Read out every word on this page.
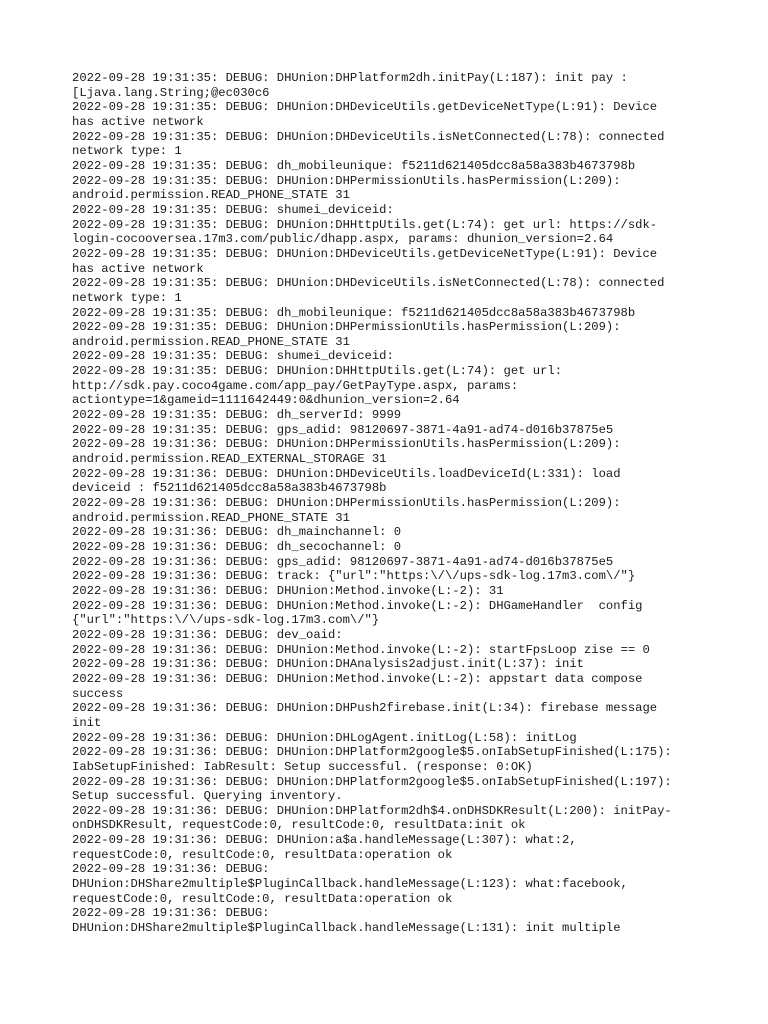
2022-09-28 19:31:35: DEBUG: DHUnion:DHPlatform2dh.initPay(L:187): init pay :
[Ljava.lang.String;@ec030c6
2022-09-28 19:31:35: DEBUG: DHUnion:DHDeviceUtils.getDeviceNetType(L:91): Device
has active network
2022-09-28 19:31:35: DEBUG: DHUnion:DHDeviceUtils.isNetConnected(L:78): connected
network type: 1
2022-09-28 19:31:35: DEBUG: dh_mobileunique: f5211d621405dcc8a58a383b4673798b
2022-09-28 19:31:35: DEBUG: DHUnion:DHPermissionUtils.hasPermission(L:209):
android.permission.READ_PHONE_STATE 31
2022-09-28 19:31:35: DEBUG: shumei_deviceid:
2022-09-28 19:31:35: DEBUG: DHUnion:DHHttpUtils.get(L:74): get url: https://sdk-
login-cocooversea.17m3.com/public/dhapp.aspx, params: dhunion_version=2.64
2022-09-28 19:31:35: DEBUG: DHUnion:DHDeviceUtils.getDeviceNetType(L:91): Device
has active network
2022-09-28 19:31:35: DEBUG: DHUnion:DHDeviceUtils.isNetConnected(L:78): connected
network type: 1
2022-09-28 19:31:35: DEBUG: dh_mobileunique: f5211d621405dcc8a58a383b4673798b
2022-09-28 19:31:35: DEBUG: DHUnion:DHPermissionUtils.hasPermission(L:209):
android.permission.READ_PHONE_STATE 31
2022-09-28 19:31:35: DEBUG: shumei_deviceid:
2022-09-28 19:31:35: DEBUG: DHUnion:DHHttpUtils.get(L:74): get url:
http://sdk.pay.coco4game.com/app_pay/GetPayType.aspx, params:
actiontype=1&gameid=1111642449:0&dhunion_version=2.64
2022-09-28 19:31:35: DEBUG: dh_serverId: 9999
2022-09-28 19:31:35: DEBUG: gps_adid: 98120697-3871-4a91-ad74-d016b37875e5
2022-09-28 19:31:36: DEBUG: DHUnion:DHPermissionUtils.hasPermission(L:209):
android.permission.READ_EXTERNAL_STORAGE 31
2022-09-28 19:31:36: DEBUG: DHUnion:DHDeviceUtils.loadDeviceId(L:331): load
deviceid : f5211d621405dcc8a58a383b4673798b
2022-09-28 19:31:36: DEBUG: DHUnion:DHPermissionUtils.hasPermission(L:209):
android.permission.READ_PHONE_STATE 31
2022-09-28 19:31:36: DEBUG: dh_mainchannel: 0
2022-09-28 19:31:36: DEBUG: dh_secochannel: 0
2022-09-28 19:31:36: DEBUG: gps_adid: 98120697-3871-4a91-ad74-d016b37875e5
2022-09-28 19:31:36: DEBUG: track: {"url":"https:\/\/ups-sdk-log.17m3.com\/"}
2022-09-28 19:31:36: DEBUG: DHUnion:Method.invoke(L:-2): 31
2022-09-28 19:31:36: DEBUG: DHUnion:Method.invoke(L:-2): DHGameHandler  config
{"url":"https:\/\/ups-sdk-log.17m3.com\/"}
2022-09-28 19:31:36: DEBUG: dev_oaid:
2022-09-28 19:31:36: DEBUG: DHUnion:Method.invoke(L:-2): startFpsLoop zise == 0
2022-09-28 19:31:36: DEBUG: DHUnion:DHAnalysis2adjust.init(L:37): init
2022-09-28 19:31:36: DEBUG: DHUnion:Method.invoke(L:-2): appstart data compose
success
2022-09-28 19:31:36: DEBUG: DHUnion:DHPush2firebase.init(L:34): firebase message
init
2022-09-28 19:31:36: DEBUG: DHUnion:DHLogAgent.initLog(L:58): initLog
2022-09-28 19:31:36: DEBUG: DHUnion:DHPlatform2google$5.onIabSetupFinished(L:175):
IabSetupFinished: IabResult: Setup successful. (response: 0:OK)
2022-09-28 19:31:36: DEBUG: DHUnion:DHPlatform2google$5.onIabSetupFinished(L:197):
Setup successful. Querying inventory.
2022-09-28 19:31:36: DEBUG: DHUnion:DHPlatform2dh$4.onDHSDKResult(L:200): initPay-
onDHSDKResult, requestCode:0, resultCode:0, resultData:init ok
2022-09-28 19:31:36: DEBUG: DHUnion:a$a.handleMessage(L:307): what:2,
requestCode:0, resultCode:0, resultData:operation ok
2022-09-28 19:31:36: DEBUG:
DHUnion:DHShare2multiple$PluginCallback.handleMessage(L:123): what:facebook,
requestCode:0, resultCode:0, resultData:operation ok
2022-09-28 19:31:36: DEBUG:
DHUnion:DHShare2multiple$PluginCallback.handleMessage(L:131): init multiple
